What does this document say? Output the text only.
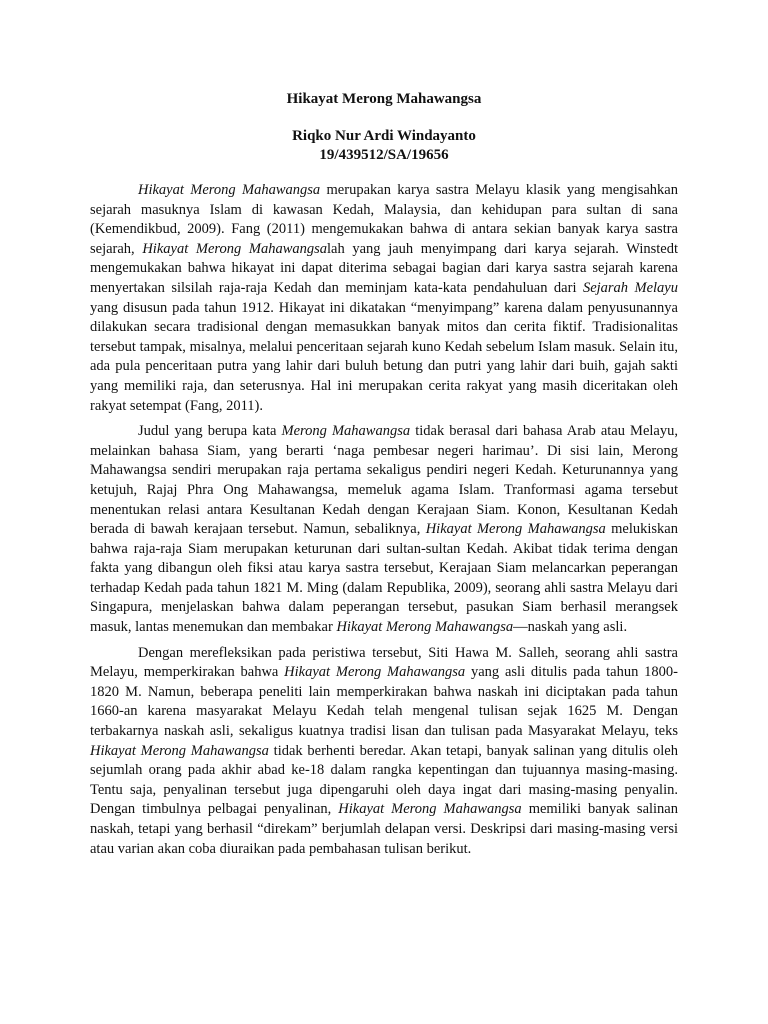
Hikayat Merong Mahawangsa
Riqko Nur Ardi Windayanto
19/439512/SA/19656

Hikayat Merong Mahawangsa merupakan karya sastra Melayu klasik yang mengisahkan sejarah masuknya Islam di kawasan Kedah, Malaysia, dan kehidupan para sultan di sana (Kemendikbud, 2009). Fang (2011) mengemukakan bahwa di antara sekian banyak karya sastra sejarah, Hikayat Merong Mahawangsalah yang jauh menyimpang dari karya sejarah. Winstedt mengemukakan bahwa hikayat ini dapat diterima sebagai bagian dari karya sastra sejarah karena menyertakan silsilah raja-raja Kedah dan meminjam kata-kata pendahuluan dari Sejarah Melayu yang disusun pada tahun 1912. Hikayat ini dikatakan “menyimpang” karena dalam penyusunannya dilakukan secara tradisional dengan memasukkan banyak mitos dan cerita fiktif. Tradisionalitas tersebut tampak, misalnya, melalui penceritaan sejarah kuno Kedah sebelum Islam masuk. Selain itu, ada pula penceritaan putra yang lahir dari buluh betung dan putri yang lahir dari buih, gajah sakti yang memiliki raja, dan seterusnya. Hal ini merupakan cerita rakyat yang masih diceritakan oleh rakyat setempat (Fang, 2011).

Judul yang berupa kata Merong Mahawangsa tidak berasal dari bahasa Arab atau Melayu, melainkan bahasa Siam, yang berarti ‘naga pembesar negeri harimau’. Di sisi lain, Merong Mahawangsa sendiri merupakan raja pertama sekaligus pendiri negeri Kedah. Keturunannya yang ketujuh, Rajaj Phra Ong Mahawangsa, memeluk agama Islam. Tranformasi agama tersebut menentukan relasi antara Kesultanan Kedah dengan Kerajaan Siam. Konon, Kesultanan Kedah berada di bawah kerajaan tersebut. Namun, sebaliknya, Hikayat Merong Mahawangsa melukiskan bahwa raja-raja Siam merupakan keturunan dari sultan-sultan Kedah. Akibat tidak terima dengan fakta yang dibangun oleh fiksi atau karya sastra tersebut, Kerajaan Siam melancarkan peperangan terhadap Kedah pada tahun 1821 M. Ming (dalam Republika, 2009), seorang ahli sastra Melayu dari Singapura, menjelaskan bahwa dalam peperangan tersebut, pasukan Siam berhasil merangsek masuk, lantas menemukan dan membakar Hikayat Merong Mahawangsa—naskah yang asli.

Dengan merefleksikan pada peristiwa tersebut, Siti Hawa M. Salleh, seorang ahli sastra Melayu, memperkirakan bahwa Hikayat Merong Mahawangsa yang asli ditulis pada tahun 1800-1820 M. Namun, beberapa peneliti lain memperkirakan bahwa naskah ini diciptakan pada tahun 1660-an karena masyarakat Melayu Kedah telah mengenal tulisan sejak 1625 M. Dengan terbakarnya naskah asli, sekaligus kuatnya tradisi lisan dan tulisan pada Masyarakat Melayu, teks Hikayat Merong Mahawangsa tidak berhenti beredar. Akan tetapi, banyak salinan yang ditulis oleh sejumlah orang pada akhir abad ke-18 dalam rangka kepentingan dan tujuannya masing-masing. Tentu saja, penyalinan tersebut juga dipengaruhi oleh daya ingat dari masing-masing penyalin. Dengan timbulnya pelbagai penyalinan, Hikayat Merong Mahawangsa memiliki banyak salinan naskah, tetapi yang berhasil “direkam” berjumlah delapan versi. Deskripsi dari masing-masing versi atau varian akan coba diuraikan pada pembahasan tulisan berikut.
